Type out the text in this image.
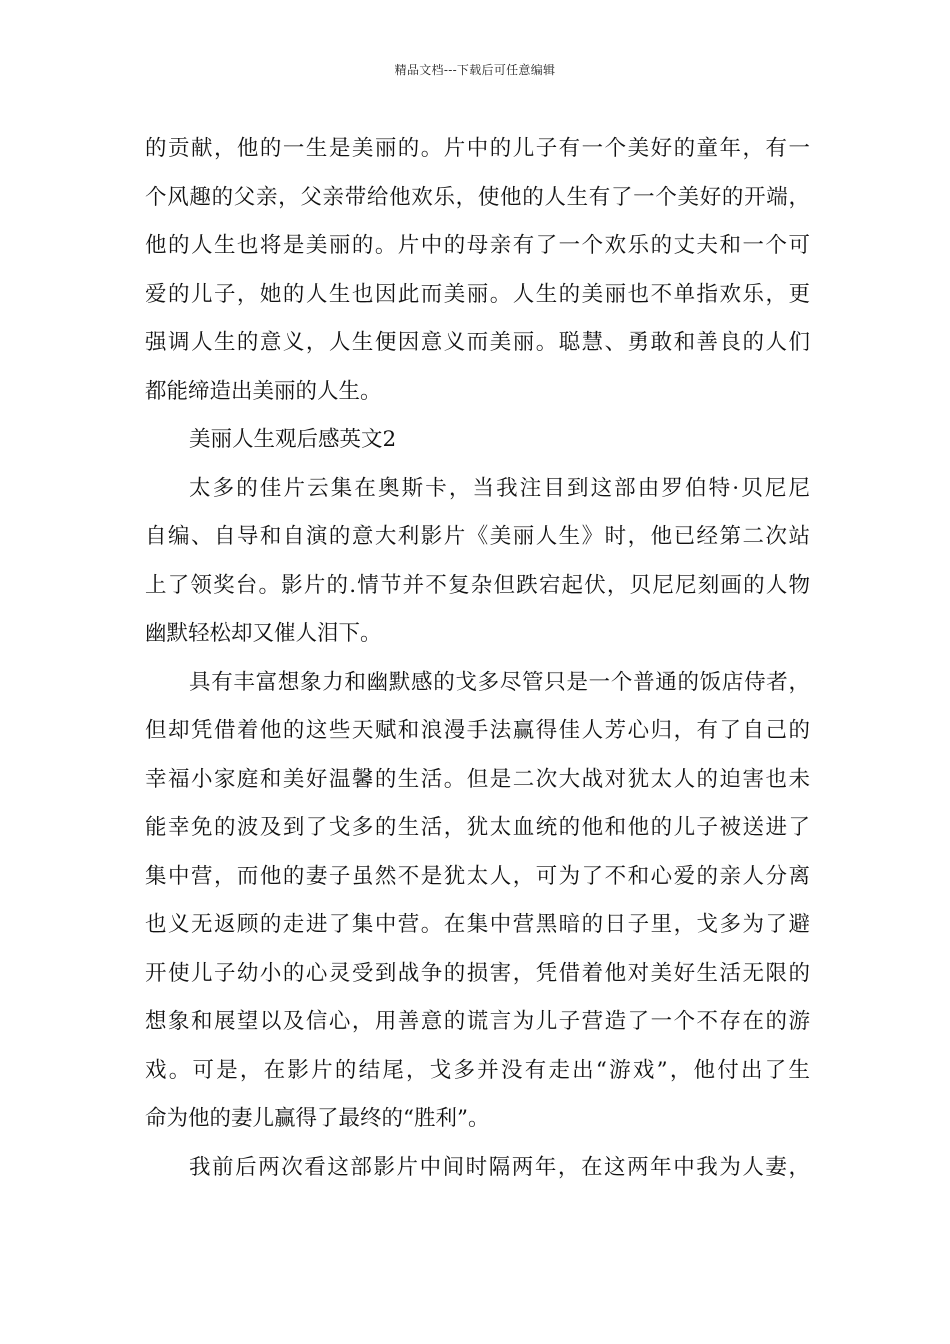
精品文档---下载后可任意编辑
的贡献，他的一生是美丽的。片中的儿子有一个美好的童年，有一
个风趣的父亲，父亲带给他欢乐，使他的人生有了一个美好的开端，
他的人生也将是美丽的。片中的母亲有了一个欢乐的丈夫和一个可
爱的儿子，她的人生也因此而美丽。人生的美丽也不单指欢乐，更
强调人生的意义，人生便因意义而美丽。聪慧、勇敢和善良的人们
都能缔造出美丽的人生。
美丽人生观后感英文2
太多的佳片云集在奥斯卡，当我注目到这部由罗伯特·贝尼尼
自编、自导和自演的意大利影片《美丽人生》时，他已经第二次站
上了领奖台。影片的.情节并不复杂但跌宕起伏，贝尼尼刻画的人物
幽默轻松却又催人泪下。
具有丰富想象力和幽默感的戈多尽管只是一个普通的饭店侍者，
但却凭借着他的这些天赋和浪漫手法赢得佳人芳心归，有了自己的
幸福小家庭和美好温馨的生活。但是二次大战对犹太人的迫害也未
能幸免的波及到了戈多的生活，犹太血统的他和他的儿子被送进了
集中营，而他的妻子虽然不是犹太人，可为了不和心爱的亲人分离
也义无返顾的走进了集中营。在集中营黑暗的日子里，戈多为了避
开使儿子幼小的心灵受到战争的损害，凭借着他对美好生活无限的
想象和展望以及信心，用善意的谎言为儿子营造了一个不存在的游
戏。可是，在影片的结尾，戈多并没有走出“游戏”，他付出了生
命为他的妻儿赢得了最终的“胜利”。
我前后两次看这部影片中间时隔两年，在这两年中我为人妻，
